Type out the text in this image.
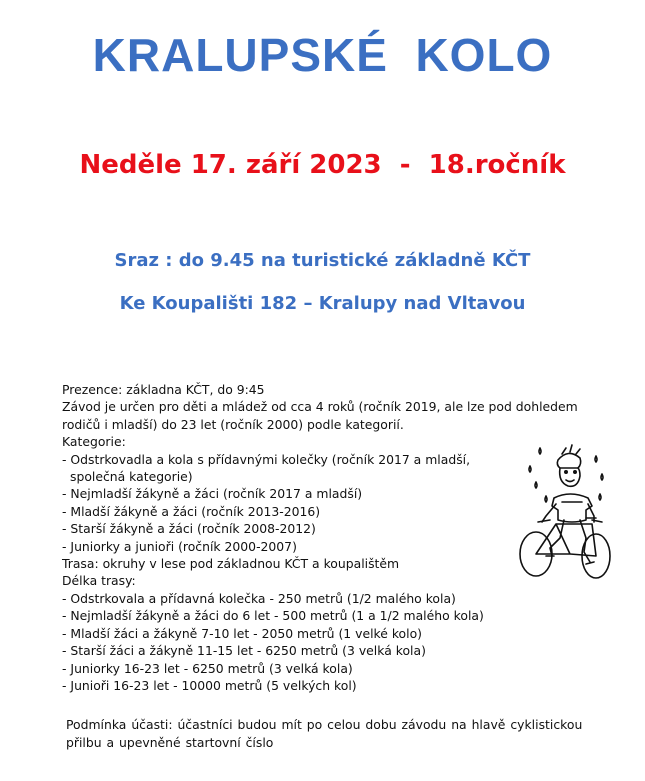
KRALUPSKÉ  KOLO
Neděle 17. září 2023  -  18.ročník
Sraz : do 9.45 na turistické základně KČT
Ke Koupališti 182 – Kralupy nad Vltavou
Prezence: základna KČT, do 9:45
Závod je určen pro děti a mládež od cca 4 roků (ročník 2019, ale lze pod dohledem
rodičů i mladší) do 23 let (ročník 2000) podle kategorií.
Kategorie:
- Odstrkovadla a kola s přídavnými kolečky (ročník 2017 a mladší,
společná kategorie)
- Nejmladší žákyně a žáci (ročník 2017 a mladší)
- Mladší žákyně a žáci (ročník 2013-2016)
- Starší žákyně a žáci (ročník 2008-2012)
- Juniorky a junioři (ročník 2000-2007)
Trasa: okruhy v lese pod základnou KČT a koupalištěm
Délka trasy:
- Odstrkovala a přídavná kolečka - 250 metrů (1/2 malého kola)
- Nejmladší žákyně a žáci do 6 let - 500 metrů (1 a 1/2 malého kola)
- Mladší žáci a žákyně 7-10 let - 2050 metrů (1 velké kolo)
- Starší žáci a žákyně 11-15 let - 6250 metrů (3 velká kola)
- Juniorky 16-23 let - 6250 metrů (3 velká kola)
- Junioři 16-23 let - 10000 metrů (5 velkých kol)
Podmínka účasti: účastníci budou mít po celou dobu závodu na hlavě cyklistickou
přilbu a upevněné startovní číslo
